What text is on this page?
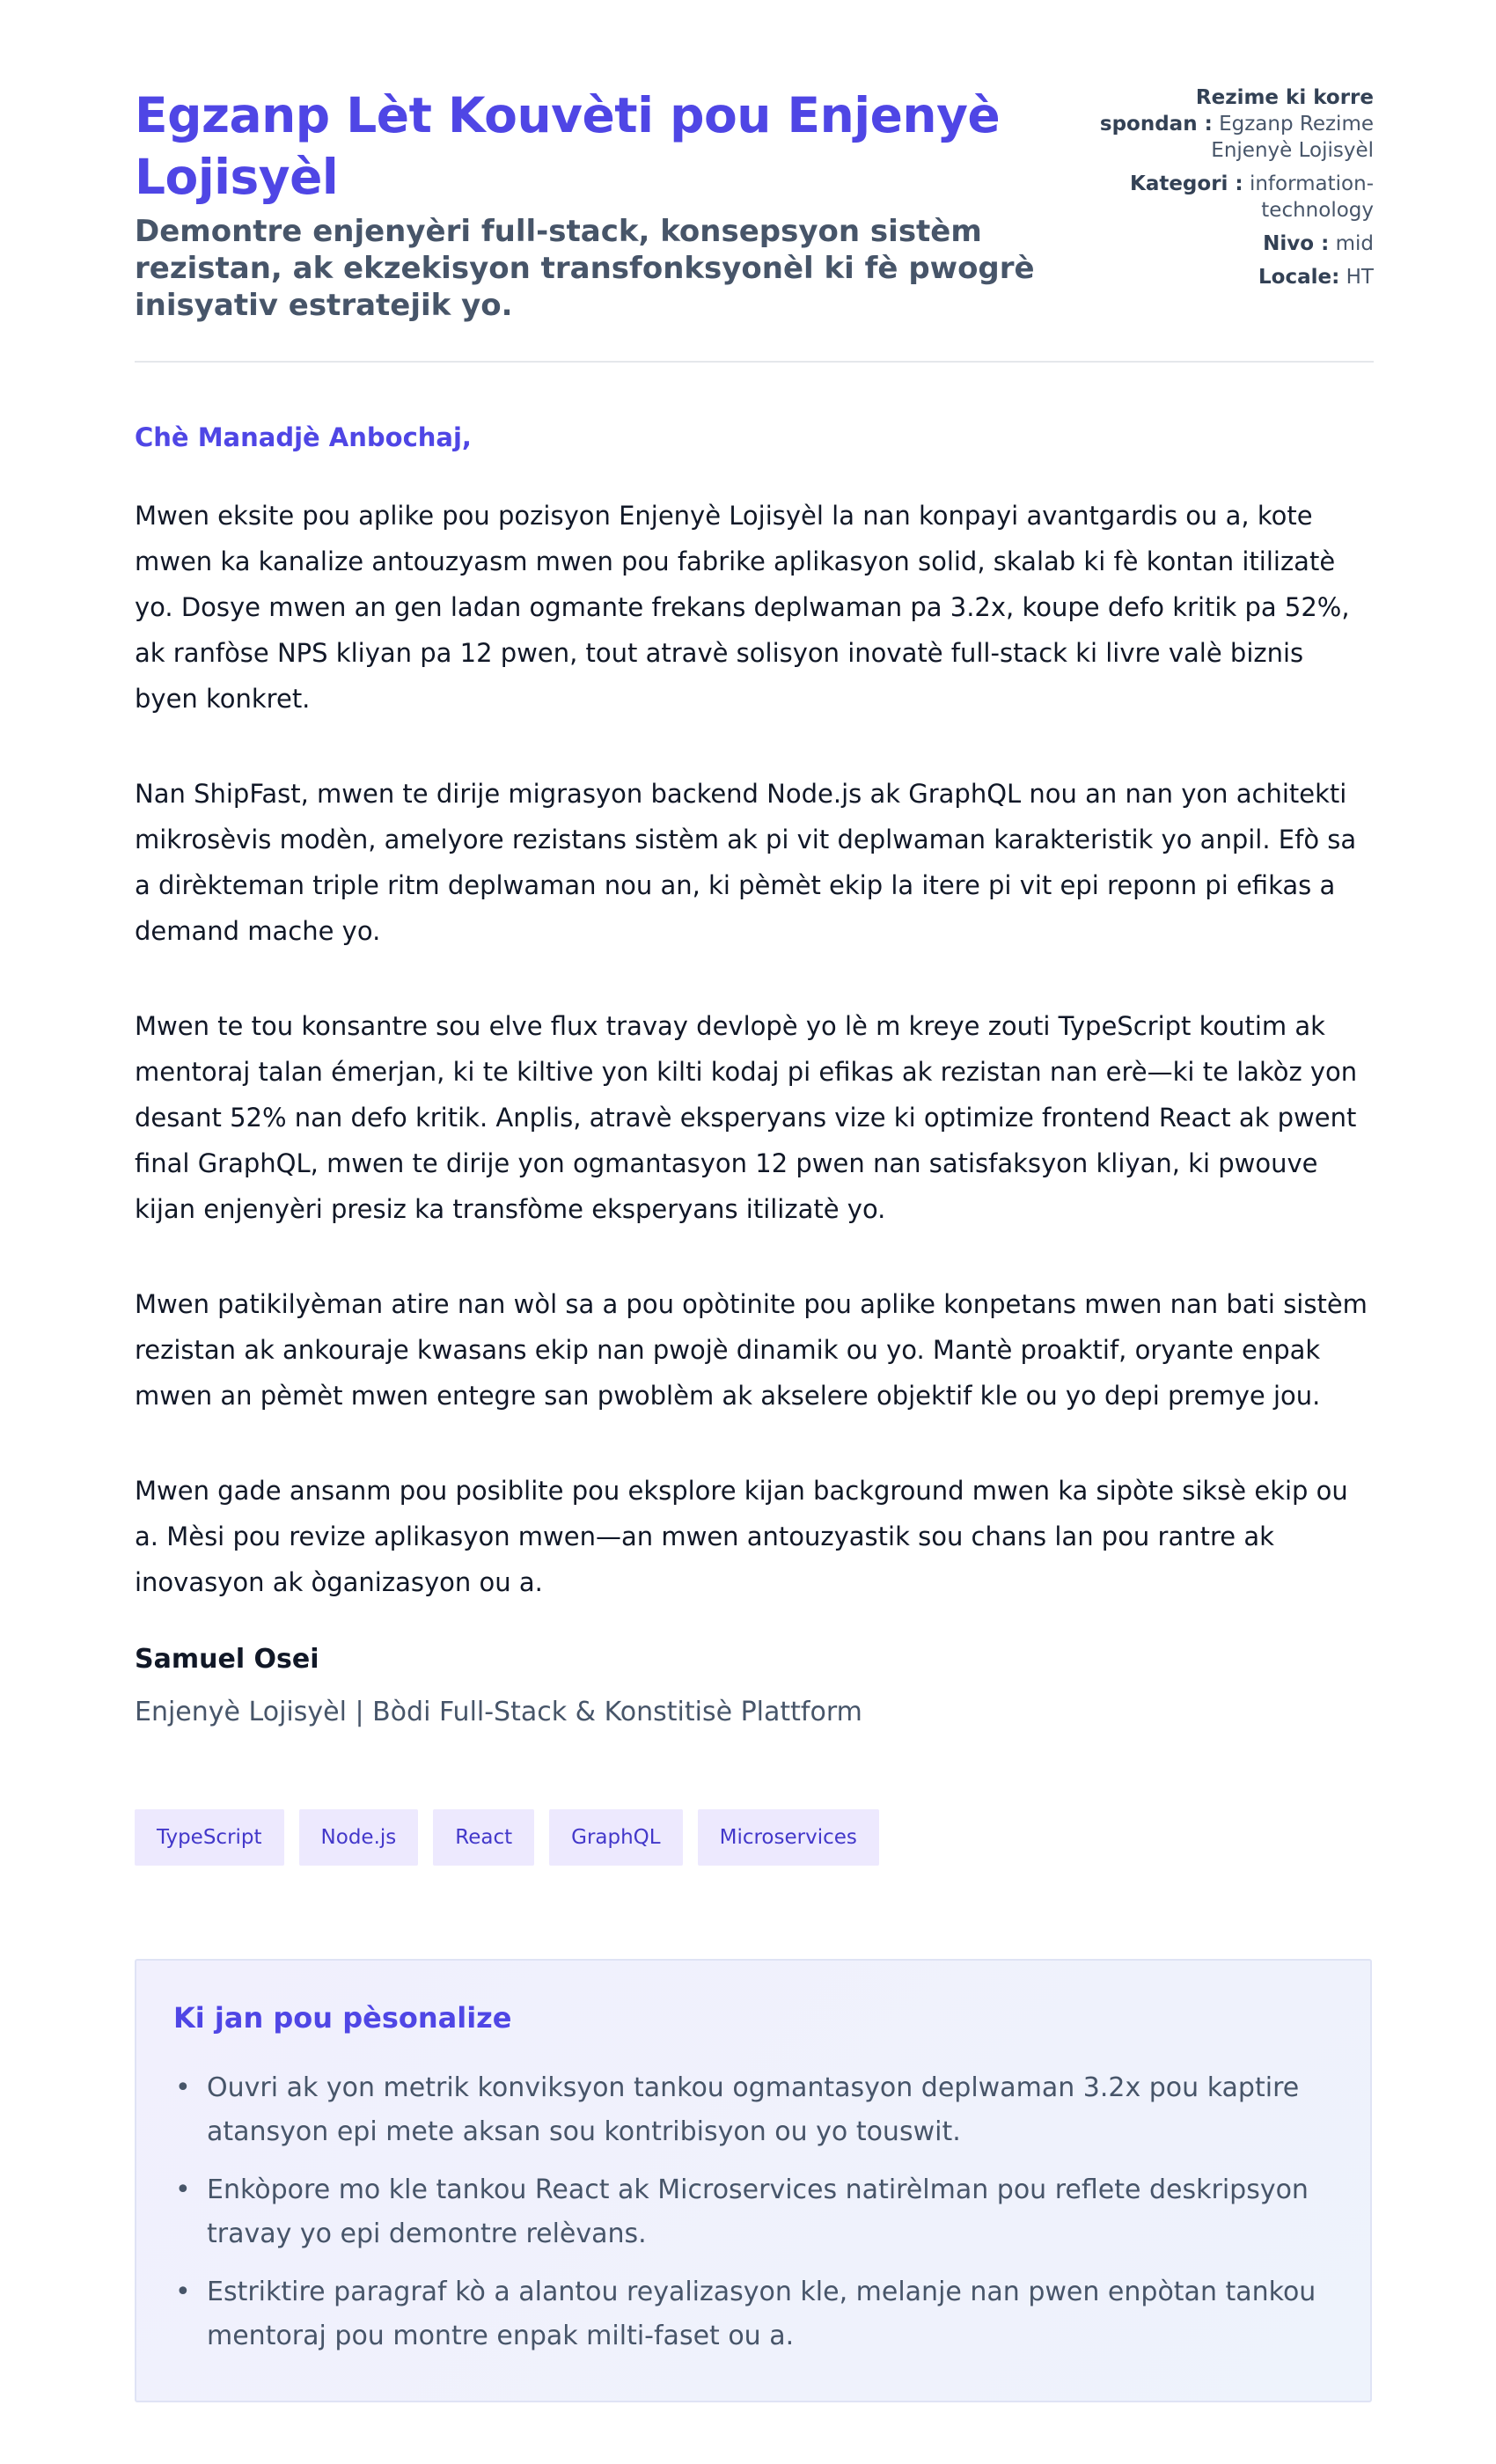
Egzanp Lèt Kouvèti pou Enjenyè Lojisyèl
Demontre enjenyèri full-stack, konsepsyon sistèm rezistan, ak ekzekisyon transfonksyonèl ki fè pwogrè inisyativ estratejik yo.
Rezime ki korre spondan : Egzanp Rezime Enjenyè Lojisyèl
Kategori : information-technology
Nivo : mid
Locale: HT

Chè Manadjè Anbochaj,

Mwen eksite pou aplike pou pozisyon Enjenyè Lojisyèl la nan konpayi avantgardis ou a, kote mwen ka kanalize antouzyasm mwen pou fabrike aplikasyon solid, skalab ki fè kontan itilizatè yo. Dosye mwen an gen ladan ogmante frekans deplwaman pa 3.2x, koupe defo kritik pa 52%, ak ranfòse NPS kliyan pa 12 pwen, tout atravè solisyon inovatè full-stack ki livre valè biznis byen konkret.

Nan ShipFast, mwen te dirije migrasyon backend Node.js ak GraphQL nou an nan yon achitekti mikrosèvis modèn, amelyore rezistans sistèm ak pi vit deplwaman karakteristik yo anpil. Efò sa a dirèkteman triple ritm deplwaman nou an, ki pèmèt ekip la itere pi vit epi reponn pi efikas a demand mache yo.

Mwen te tou konsantre sou elve flux travay devlopè yo lè m kreye zouti TypeScript koutim ak mentoraj talan émerjan, ki te kiltive yon kilti kodaj pi efikas ak rezistan nan erè—ki te lakòz yon desant 52% nan defo kritik. Anplis, atravè eksperyans vize ki optimize frontend React ak pwent final GraphQL, mwen te dirije yon ogmantasyon 12 pwen nan satisfaksyon kliyan, ki pwouve kijan enjenyèri presiz ka transfòme eksperyans itilizatè yo.

Mwen patikilyèman atire nan wòl sa a pou opòtinite pou aplike konpetans mwen nan bati sistèm rezistan ak ankouraje kwasans ekip nan pwojè dinamik ou yo. Mantè proaktif, oryante enpak mwen an pèmèt mwen entegre san pwoblèm ak akselere objektif kle ou yo depi premye jou.

Mwen gade ansanm pou posiblite pou eksplore kijan background mwen ka sipòte siksè ekip ou a. Mèsi pou revize aplikasyon mwen—an mwen antouzyastik sou chans lan pou rantre ak inovasyon ak òganizasyon ou a.

Samuel Osei

Enjenyè Lojisyèl | Bòdi Full-Stack & Konstitisè Plattform

TypeScript	Node.js	React	GraphQL	Microservices
Ki jan pou pèsonalize
• Ouvri ak yon metrik konviksyon tankou ogmantasyon deplwaman 3.2x pou kaptire atansyon epi mete aksan sou kontribisyon ou yo touswit.
• Enkòpore mo kle tankou React ak Microservices natirèlman pou reflete deskripsyon travay yo epi demontre relèvans.
• Estriktire paragraf kò a alantou reyalizasyon kle, melanje nan pwen enpòtan tankou mentoraj pou montre enpak milti-faset ou a.
